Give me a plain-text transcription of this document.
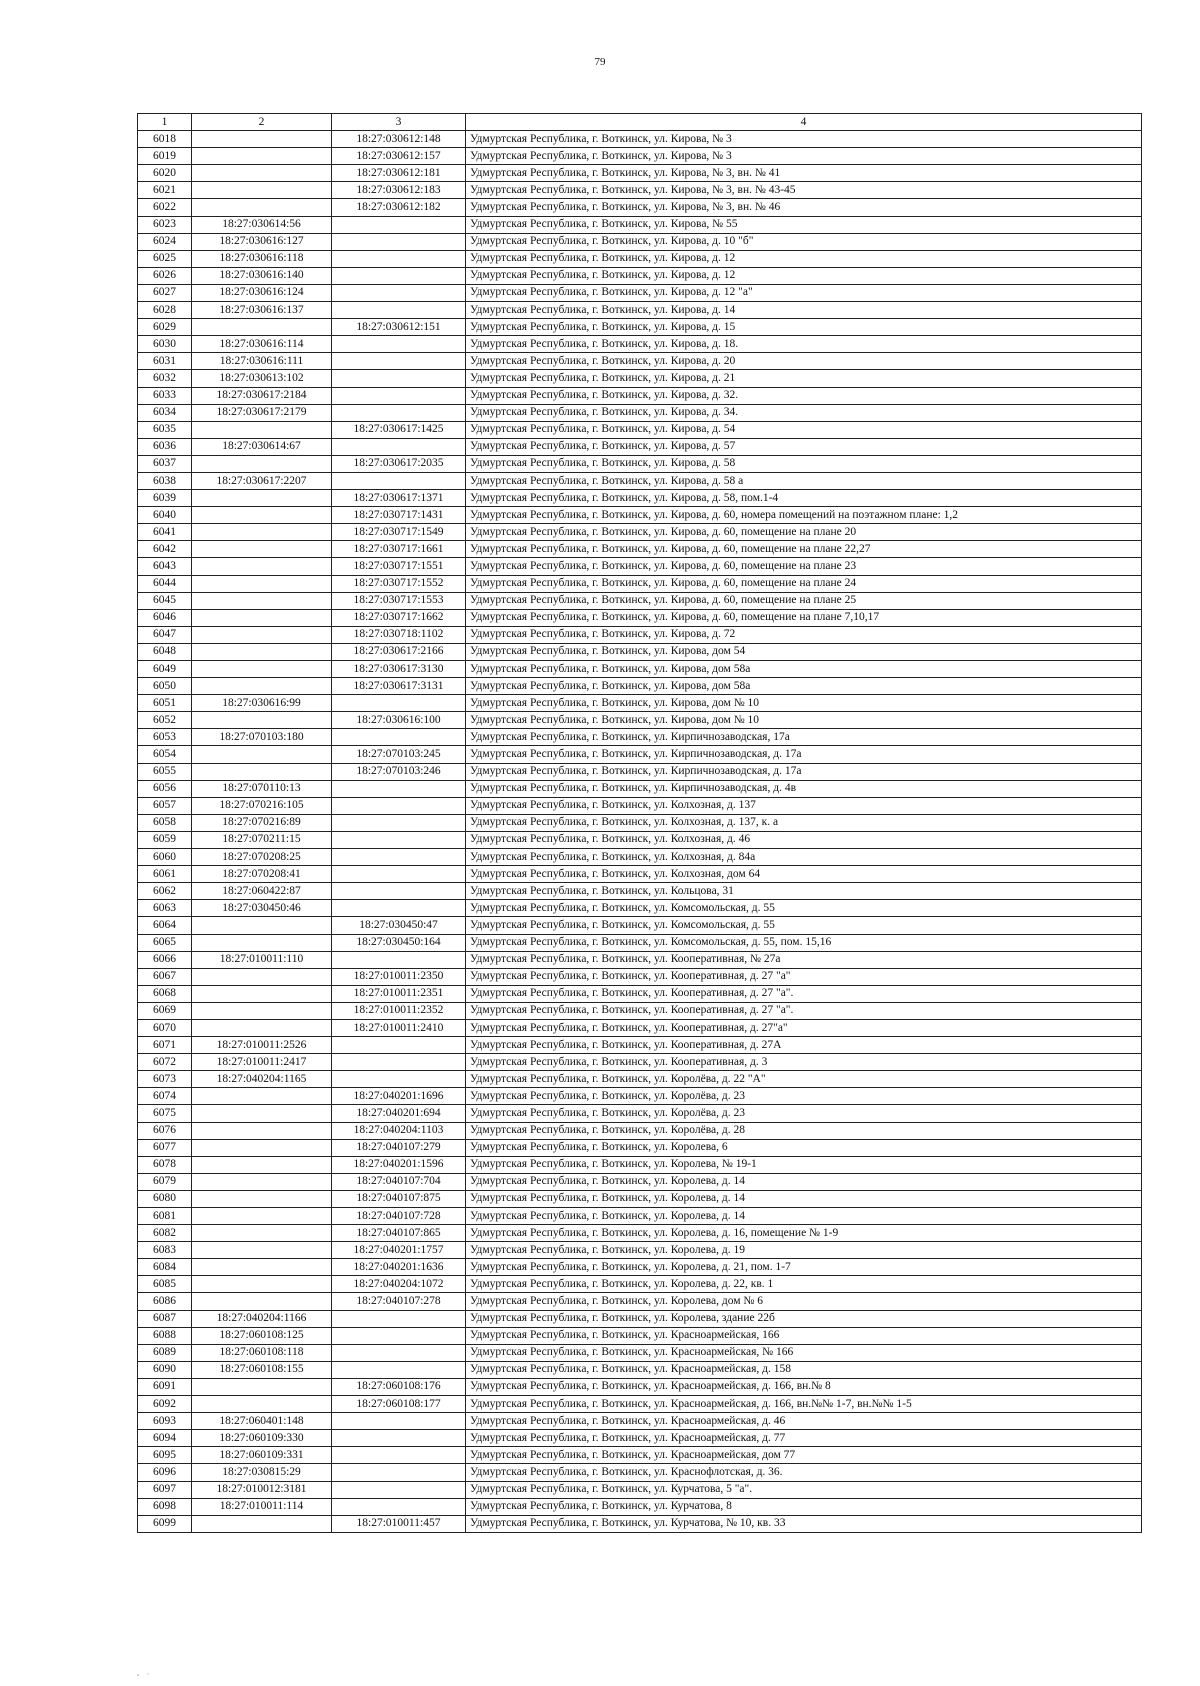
79
1	2	3	4
6018		18:27:030612:148	Удмуртская Республика, г. Воткинск, ул. Кирова, № 3
6019		18:27:030612:157	Удмуртская Республика, г. Воткинск, ул. Кирова, № 3
6020		18:27:030612:181	Удмуртская Республика, г. Воткинск, ул. Кирова, № 3, вн. № 41
6021		18:27:030612:183	Удмуртская Республика, г. Воткинск, ул. Кирова, № 3, вн. № 43-45
6022		18:27:030612:182	Удмуртская Республика, г. Воткинск, ул. Кирова, № 3, вн. № 46
6023	18:27:030614:56		Удмуртская Республика, г. Воткинск, ул. Кирова, № 55
6024	18:27:030616:127		Удмуртская Республика, г. Воткинск, ул. Кирова, д. 10 "б"
6025	18:27:030616:118		Удмуртская Республика, г. Воткинск, ул. Кирова, д. 12
6026	18:27:030616:140		Удмуртская Республика, г. Воткинск, ул. Кирова, д. 12
6027	18:27:030616:124		Удмуртская Республика, г. Воткинск, ул. Кирова, д. 12 "а"
6028	18:27:030616:137		Удмуртская Республика, г. Воткинск, ул. Кирова, д. 14
6029		18:27:030612:151	Удмуртская Республика, г. Воткинск, ул. Кирова, д. 15
6030	18:27:030616:114		Удмуртская Республика, г. Воткинск, ул. Кирова, д. 18.
6031	18:27:030616:111		Удмуртская Республика, г. Воткинск, ул. Кирова, д. 20
6032	18:27:030613:102		Удмуртская Республика, г. Воткинск, ул. Кирова, д. 21
6033	18:27:030617:2184		Удмуртская Республика, г. Воткинск, ул. Кирова, д. 32.
6034	18:27:030617:2179		Удмуртская Республика, г. Воткинск, ул. Кирова, д. 34.
6035		18:27:030617:1425	Удмуртская Республика, г. Воткинск, ул. Кирова, д. 54
6036	18:27:030614:67		Удмуртская Республика, г. Воткинск, ул. Кирова, д. 57
6037		18:27:030617:2035	Удмуртская Республика, г. Воткинск, ул. Кирова, д. 58
6038	18:27:030617:2207		Удмуртская Республика, г. Воткинск, ул. Кирова, д. 58 а
6039		18:27:030617:1371	Удмуртская Республика, г. Воткинск, ул. Кирова, д. 58, пом.1-4
6040		18:27:030717:1431	Удмуртская Республика, г. Воткинск, ул. Кирова, д. 60, номера помещений на поэтажном плане: 1,2
6041		18:27:030717:1549	Удмуртская Республика, г. Воткинск, ул. Кирова, д. 60, помещение на плане 20
6042		18:27:030717:1661	Удмуртская Республика, г. Воткинск, ул. Кирова, д. 60, помещение на плане 22,27
6043		18:27:030717:1551	Удмуртская Республика, г. Воткинск, ул. Кирова, д. 60, помещение на плане 23
6044		18:27:030717:1552	Удмуртская Республика, г. Воткинск, ул. Кирова, д. 60, помещение на плане 24
6045		18:27:030717:1553	Удмуртская Республика, г. Воткинск, ул. Кирова, д. 60, помещение на плане 25
6046		18:27:030717:1662	Удмуртская Республика, г. Воткинск, ул. Кирова, д. 60, помещение на плане 7,10,17
6047		18:27:030718:1102	Удмуртская Республика, г. Воткинск, ул. Кирова, д. 72
6048		18:27:030617:2166	Удмуртская Республика, г. Воткинск, ул. Кирова, дом 54
6049		18:27:030617:3130	Удмуртская Республика, г. Воткинск, ул. Кирова, дом 58а
6050		18:27:030617:3131	Удмуртская Республика, г. Воткинск, ул. Кирова, дом 58а
6051	18:27:030616:99		Удмуртская Республика, г. Воткинск, ул. Кирова, дом № 10
6052		18:27:030616:100	Удмуртская Республика, г. Воткинск, ул. Кирова, дом № 10
6053	18:27:070103:180		Удмуртская Республика, г. Воткинск, ул. Кирпичнозаводская, 17а
6054		18:27:070103:245	Удмуртская Республика, г. Воткинск, ул. Кирпичнозаводская, д. 17а
6055		18:27:070103:246	Удмуртская Республика, г. Воткинск, ул. Кирпичнозаводская, д. 17а
6056	18:27:070110:13		Удмуртская Республика, г. Воткинск, ул. Кирпичнозаводская, д. 4в
6057	18:27:070216:105		Удмуртская Республика, г. Воткинск, ул. Колхозная, д. 137
6058	18:27:070216:89		Удмуртская Республика, г. Воткинск, ул. Колхозная, д. 137, к. а
6059	18:27:070211:15		Удмуртская Республика, г. Воткинск, ул. Колхозная, д. 46
6060	18:27:070208:25		Удмуртская Республика, г. Воткинск, ул. Колхозная, д. 84а
6061	18:27:070208:41		Удмуртская Республика, г. Воткинск, ул. Колхозная, дом 64
6062	18:27:060422:87		Удмуртская Республика, г. Воткинск, ул. Кольцова, 31
6063	18:27:030450:46		Удмуртская Республика, г. Воткинск, ул. Комсомольская, д. 55
6064		18:27:030450:47	Удмуртская Республика, г. Воткинск, ул. Комсомольская, д. 55
6065		18:27:030450:164	Удмуртская Республика, г. Воткинск, ул. Комсомольская, д. 55, пом. 15,16
6066	18:27:010011:110		Удмуртская Республика, г. Воткинск, ул. Кооперативная, № 27а
6067		18:27:010011:2350	Удмуртская Республика, г. Воткинск, ул. Кооперативная, д. 27 "а"
6068		18:27:010011:2351	Удмуртская Республика, г. Воткинск, ул. Кооперативная, д. 27 "а".
6069		18:27:010011:2352	Удмуртская Республика, г. Воткинск, ул. Кооперативная, д. 27 "а".
6070		18:27:010011:2410	Удмуртская Республика, г. Воткинск, ул. Кооперативная, д. 27"а"
6071	18:27:010011:2526		Удмуртская Республика, г. Воткинск, ул. Кооперативная, д. 27А
6072	18:27:010011:2417		Удмуртская Республика, г. Воткинск, ул. Кооперативная, д. 3
6073	18:27:040204:1165		Удмуртская Республика, г. Воткинск, ул. Королёва, д. 22 "А"
6074		18:27:040201:1696	Удмуртская Республика, г. Воткинск, ул. Королёва, д. 23
6075		18:27:040201:694	Удмуртская Республика, г. Воткинск, ул. Королёва, д. 23
6076		18:27:040204:1103	Удмуртская Республика, г. Воткинск, ул. Королёва, д. 28
6077		18:27:040107:279	Удмуртская Республика, г. Воткинск, ул. Королева, 6
6078		18:27:040201:1596	Удмуртская Республика, г. Воткинск, ул. Королева, № 19-1
6079		18:27:040107:704	Удмуртская Республика, г. Воткинск, ул. Королева, д. 14
6080		18:27:040107:875	Удмуртская Республика, г. Воткинск, ул. Королева, д. 14
6081		18:27:040107:728	Удмуртская Республика, г. Воткинск, ул. Королева, д. 14
6082		18:27:040107:865	Удмуртская Республика, г. Воткинск, ул. Королева, д. 16, помещение № 1-9
6083		18:27:040201:1757	Удмуртская Республика, г. Воткинск, ул. Королева, д. 19
6084		18:27:040201:1636	Удмуртская Республика, г. Воткинск, ул. Королева, д. 21, пом. 1-7
6085		18:27:040204:1072	Удмуртская Республика, г. Воткинск, ул. Королева, д. 22, кв. 1
6086		18:27:040107:278	Удмуртская Республика, г. Воткинск, ул. Королева, дом № 6
6087	18:27:040204:1166		Удмуртская Республика, г. Воткинск, ул. Королева, здание 22б
6088	18:27:060108:125		Удмуртская Республика, г. Воткинск, ул. Красноармейская, 166
6089	18:27:060108:118		Удмуртская Республика, г. Воткинск, ул. Красноармейская, № 166
6090	18:27:060108:155		Удмуртская Республика, г. Воткинск, ул. Красноармейская, д. 158
6091		18:27:060108:176	Удмуртская Республика, г. Воткинск, ул. Красноармейская, д. 166, вн.№ 8
6092		18:27:060108:177	Удмуртская Республика, г. Воткинск, ул. Красноармейская, д. 166, вн.№№ 1-7, вн.№№ 1-5
6093	18:27:060401:148		Удмуртская Республика, г. Воткинск, ул. Красноармейская, д. 46
6094	18:27:060109:330		Удмуртская Республика, г. Воткинск, ул. Красноармейская, д. 77
6095	18:27:060109:331		Удмуртская Республика, г. Воткинск, ул. Красноармейская, дом 77
6096	18:27:030815:29		Удмуртская Республика, г. Воткинск, ул. Краснофлотская, д. 36.
6097	18:27:010012:3181		Удмуртская Республика, г. Воткинск, ул. Курчатова, 5 "а".
6098	18:27:010011:114		Удмуртская Республика, г. Воткинск, ул. Курчатова, 8
6099		18:27:010011:457	Удмуртская Республика, г. Воткинск, ул. Курчатова, № 10, кв. 33
